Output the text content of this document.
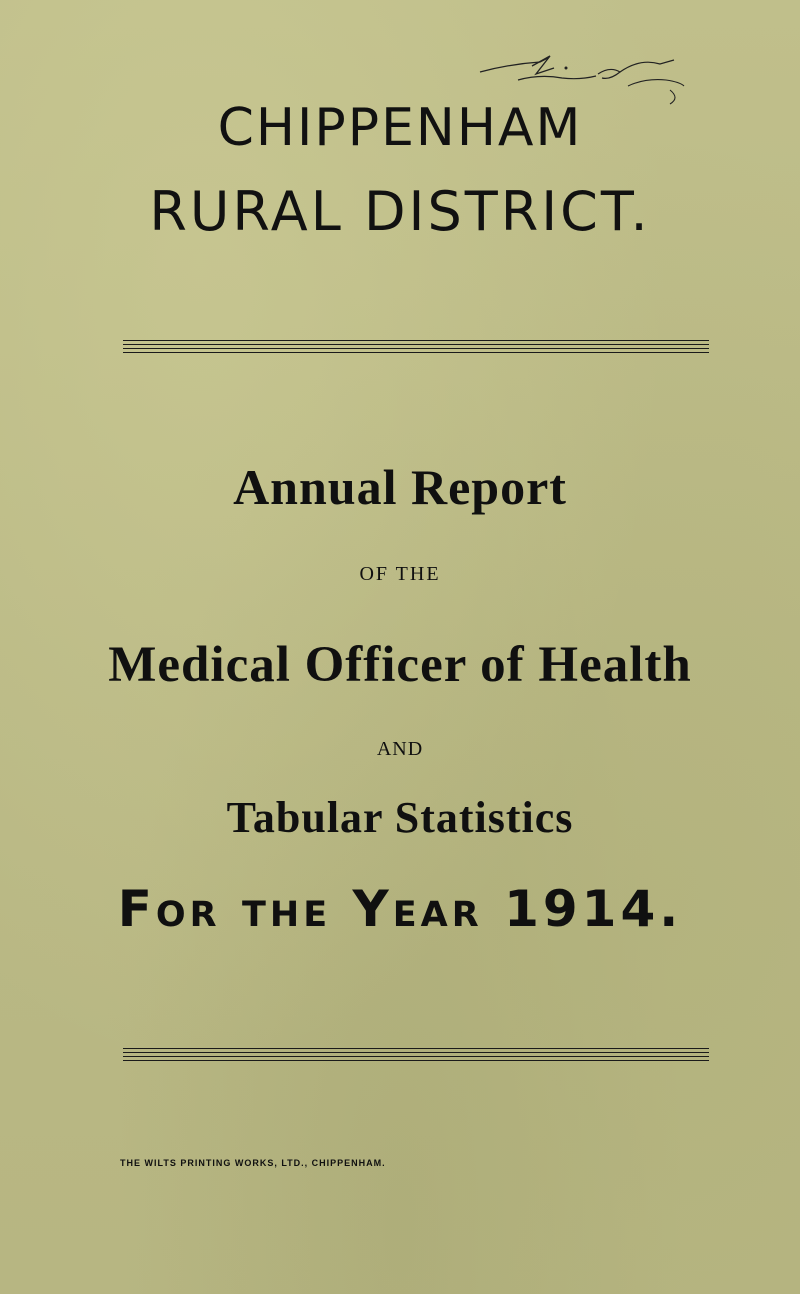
CHIPPENHAM
RURAL DISTRICT.
Annual Report
OF THE
Medical Officer of Health
AND
Tabular Statistics
For the Year 1914.
THE WILTS PRINTING WORKS, LTD., CHIPPENHAM.
